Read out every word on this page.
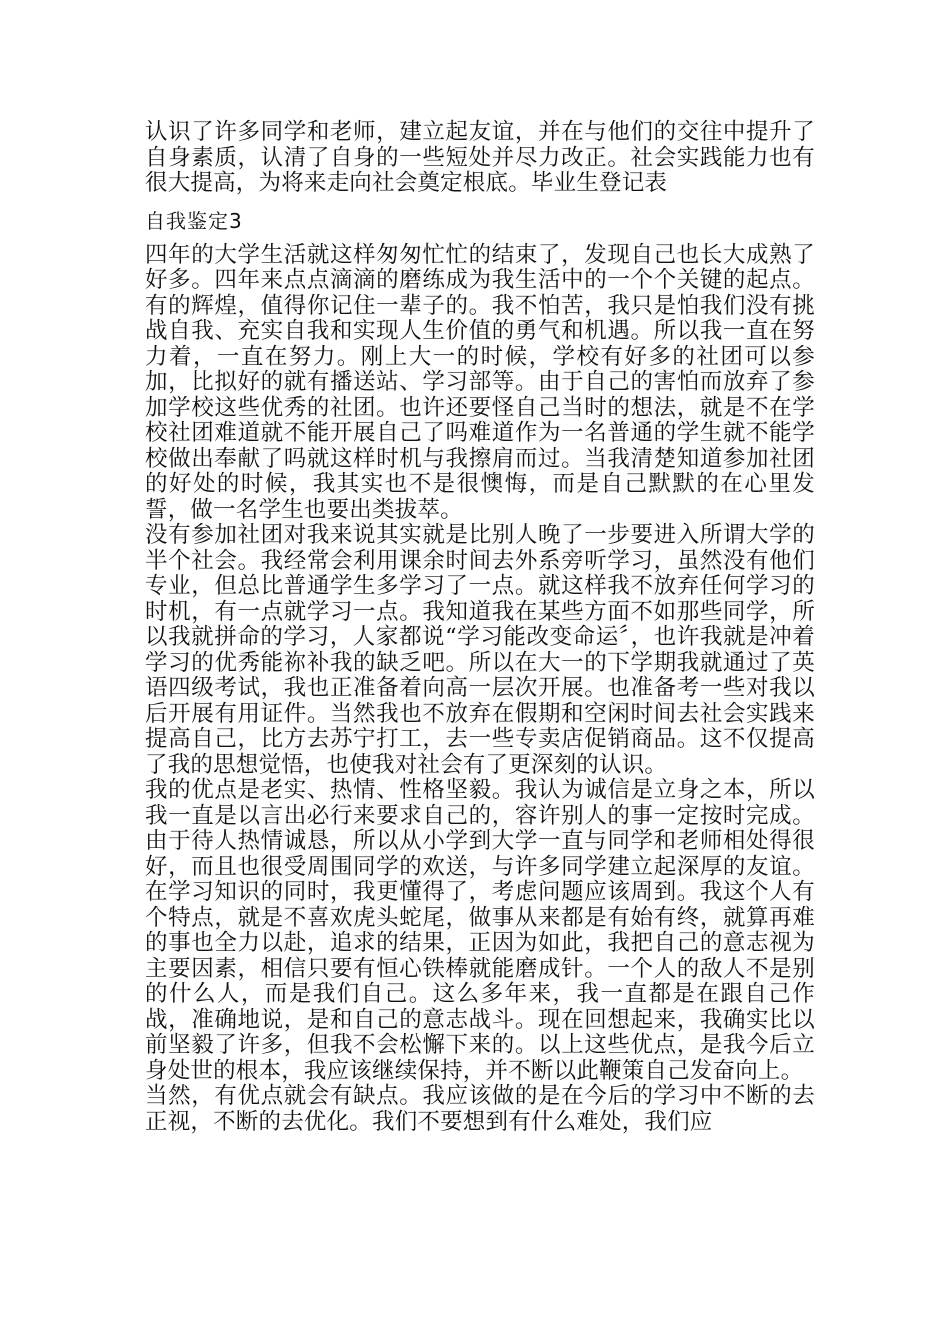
认识了许多同学和老师，建立起友谊，并在与他们的交往中提升了自身素质，认清了自身的一些短处并尽力改正。社会实践能力也有很大提高，为将来走向社会奠定根底。毕业生登记表

自我鉴定3

四年的大学生活就这样匆匆忙忙的结束了，发现自己也长大成熟了好多。四年来点点滴滴的磨练成为我生活中的一个个关键的起点。有的辉煌，值得你记住一辈子的。我不怕苦，我只是怕我们没有挑战自我、充实自我和实现人生价值的勇气和机遇。所以我一直在努力着，一直在努力。刚上大一的时候，学校有好多的社团可以参加，比拟好的就有播送站、学习部等。由于自己的害怕而放弃了参加学校这些优秀的社团。也许还要怪自己当时的想法，就是不在学校社团难道就不能开展自己了吗难道作为一名普通的学生就不能学校做出奉献了吗就这样时机与我擦肩而过。当我清楚知道参加社团的好处的时候，我其实也不是很懊悔，而是自己默默的在心里发誓，做一名学生也要出类拔萃。

没有参加社团对我来说其实就是比别人晚了一步要进入所谓大学的半个社会。我经常会利用课余时间去外系旁听学习，虽然没有他们专业，但总比普通学生多学习了一点。就这样我不放弃任何学习的时机，有一点就学习一点。我知道我在某些方面不如那些同学，所以我就拼命的学习，人家都说“学习能改变命运〞，也许我就是冲着学习的优秀能祢补我的缺乏吧。所以在大一的下学期我就通过了英语四级考试，我也正准备着向高一层次开展。也准备考一些对我以后开展有用证件。当然我也不放弃在假期和空闲时间去社会实践来提高自己，比方去苏宁打工，去一些专卖店促销商品。这不仅提高了我的思想觉悟，也使我对社会有了更深刻的认识。

我的优点是老实、热情、性格坚毅。我认为诚信是立身之本，所以我一直是以言出必行来要求自己的，容许别人的事一定按时完成。由于待人热情诚恳，所以从小学到大学一直与同学和老师相处得很好，而且也很受周围同学的欢送，与许多同学建立起深厚的友谊。在学习知识的同时，我更懂得了，考虑问题应该周到。我这个人有个特点，就是不喜欢虎头蛇尾，做事从来都是有始有终，就算再难的事也全力以赴，追求的结果，正因为如此，我把自己的意志视为主要因素，相信只要有恒心铁棒就能磨成针。一个人的敌人不是别的什么人，而是我们自己。这么多年来，我一直都是在跟自己作战，准确地说，是和自己的意志战斗。现在回想起来，我确实比以前坚毅了许多，但我不会松懈下来的。以上这些优点，是我今后立身处世的根本，我应该继续保持，并不断以此鞭策自己发奋向上。

当然，有优点就会有缺点。我应该做的是在今后的学习中不断的去正视，不断的去优化。我们不要想到有什么难处，我们应
